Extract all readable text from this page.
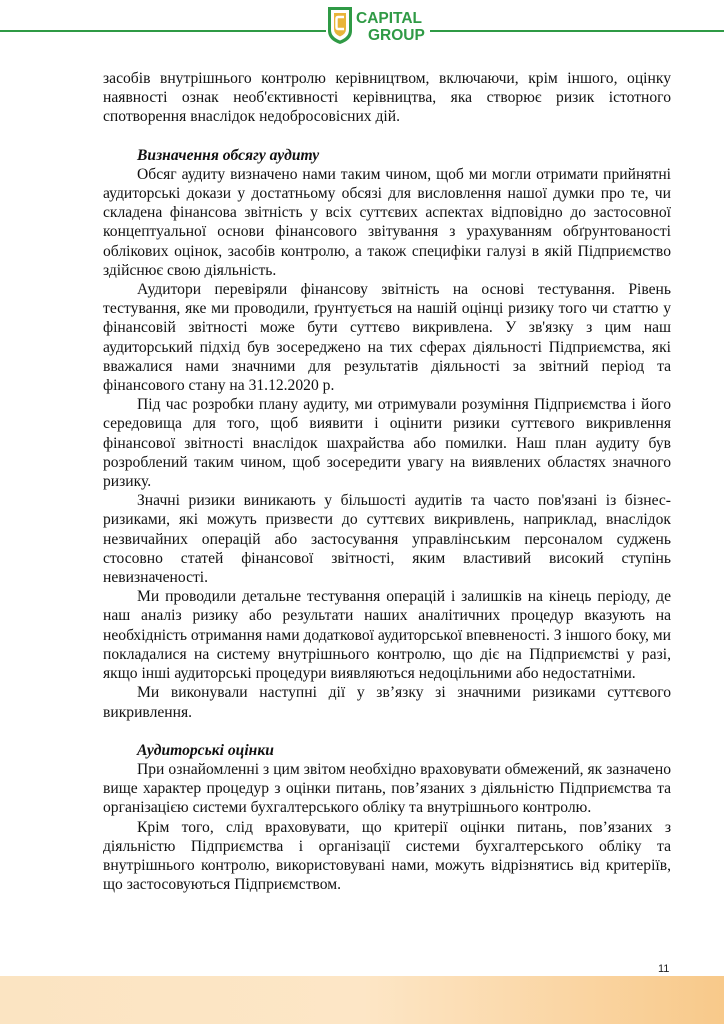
CAPITAL
GROUP

засобів внутрішнього контролю керівництвом, включаючи, крім іншого, оцінку наявності ознак необ'єктивності керівництва, яка створює ризик істотного спотворення внаслідок недобросовісних дій.

Визначення обсягу аудиту

Обсяг аудиту визначено нами таким чином, щоб ми могли отримати прийнятні аудиторські докази у достатньому обсязі для висловлення нашої думки про те, чи складена фінансова звітність у всіх суттєвих аспектах відповідно до застосовної концептуальної основи фінансового звітування з урахуванням обґрунтованості облікових оцінок, засобів контролю, а також специфіки галузі в якій Підприємство здійснює свою діяльність.

Аудитори перевіряли фінансову звітність на основі тестування. Рівень тестування, яке ми проводили, ґрунтується на нашій оцінці ризику того чи статтю у фінансовій звітності може бути суттєво викривлена. У зв'язку з цим наш аудиторський підхід був зосереджено на тих сферах діяльності Підприємства, які вважалися нами значними для результатів діяльності за звітний період та фінансового стану на 31.12.2020 р.

Під час розробки плану аудиту, ми отримували розуміння Підприємства і його середовища для того, щоб виявити і оцінити ризики суттєвого викривлення фінансової звітності внаслідок шахрайства або помилки. Наш план аудиту був розроблений таким чином, щоб зосередити увагу на виявлених областях значного ризику.

Значні ризики виникають у більшості аудитів та часто пов'язані із бізнес-ризиками, які можуть призвести до суттєвих викривлень, наприклад, внаслідок незвичайних операцій або застосування управлінським персоналом суджень стосовно статей фінансової звітності, яким властивий високий ступінь невизначеності.

Ми проводили детальне тестування операцій і залишків на кінець періоду, де наш аналіз ризику або результати наших аналітичних процедур вказують на необхідність отримання нами додаткової аудиторської впевненості. З іншого боку, ми покладалися на систему внутрішнього контролю, що діє на Підприємстві у разі, якщо інші аудиторські процедури виявляються недоцільними або недостатніми.

Ми виконували наступні дії у зв’язку зі значними ризиками суттєвого викривлення.

Аудиторські оцінки

При ознайомленні з цим звітом необхідно враховувати обмежений, як зазначено вище характер процедур з оцінки питань, пов’язаних з діяльністю Підприємства та організацією системи бухгалтерського обліку та внутрішнього контролю.

Крім того, слід враховувати, що критерії оцінки питань, пов’язаних з діяльністю Підприємства і організації системи бухгалтерського обліку та внутрішнього контролю, використовувані нами, можуть відрізнятись від критеріїв, що застосовуються Підприємством.

11
